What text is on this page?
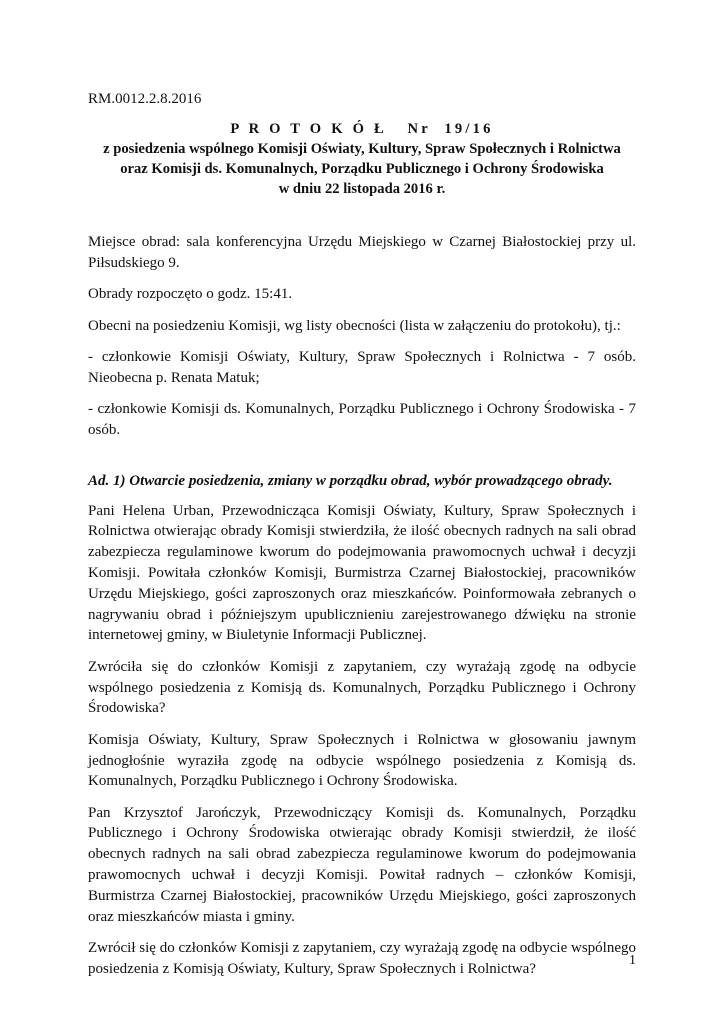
RM.0012.2.8.2016
P R O T O K Ó Ł   Nr  19/16
z posiedzenia wspólnego Komisji Oświaty, Kultury, Spraw Społecznych i Rolnictwa
oraz Komisji ds. Komunalnych, Porządku Publicznego i Ochrony Środowiska
w dniu 22 listopada 2016 r.

Miejsce obrad: sala konferencyjna Urzędu Miejskiego w Czarnej Białostockiej przy ul. Piłsudskiego 9.

Obrady rozpoczęto o godz. 15:41.

Obecni na posiedzeniu Komisji, wg listy obecności (lista w załączeniu do protokołu), tj.:

- członkowie Komisji Oświaty, Kultury, Spraw Społecznych i Rolnictwa - 7 osób. Nieobecna p. Renata Matuk;

- członkowie Komisji ds. Komunalnych, Porządku Publicznego i Ochrony Środowiska - 7 osób.

Ad. 1) Otwarcie posiedzenia, zmiany w porządku obrad, wybór prowadzącego obrady.

Pani Helena Urban, Przewodnicząca Komisji Oświaty, Kultury, Spraw Społecznych i Rolnictwa otwierając obrady Komisji stwierdziła, że ilość obecnych radnych na sali obrad zabezpiecza regulaminowe kworum do podejmowania prawomocnych uchwał i decyzji Komisji. Powitała członków Komisji, Burmistrza Czarnej Białostockiej, pracowników Urzędu Miejskiego, gości zaproszonych oraz mieszkańców. Poinformowała zebranych o nagrywaniu obrad i późniejszym upublicznieniu zarejestrowanego dźwięku na stronie internetowej gminy, w Biuletynie Informacji Publicznej.

Zwróciła się do członków Komisji z zapytaniem, czy wyrażają zgodę na odbycie wspólnego posiedzenia z Komisją ds. Komunalnych, Porządku Publicznego i Ochrony Środowiska?

Komisja Oświaty, Kultury, Spraw Społecznych i Rolnictwa w głosowaniu jawnym jednogłośnie wyraziła zgodę na odbycie wspólnego posiedzenia z Komisją ds. Komunalnych, Porządku Publicznego i Ochrony Środowiska.

Pan Krzysztof Jarończyk, Przewodniczący Komisji ds. Komunalnych, Porządku Publicznego i Ochrony Środowiska otwierając obrady Komisji stwierdził, że ilość obecnych radnych na sali obrad zabezpiecza regulaminowe kworum do podejmowania prawomocnych uchwał i decyzji Komisji. Powitał radnych – członków Komisji, Burmistrza Czarnej Białostockiej, pracowników Urzędu Miejskiego, gości zaproszonych oraz mieszkańców miasta i gminy.

Zwrócił się do członków Komisji z zapytaniem, czy wyrażają zgodę na odbycie wspólnego posiedzenia z Komisją Oświaty, Kultury, Spraw Społecznych i Rolnictwa?

1
